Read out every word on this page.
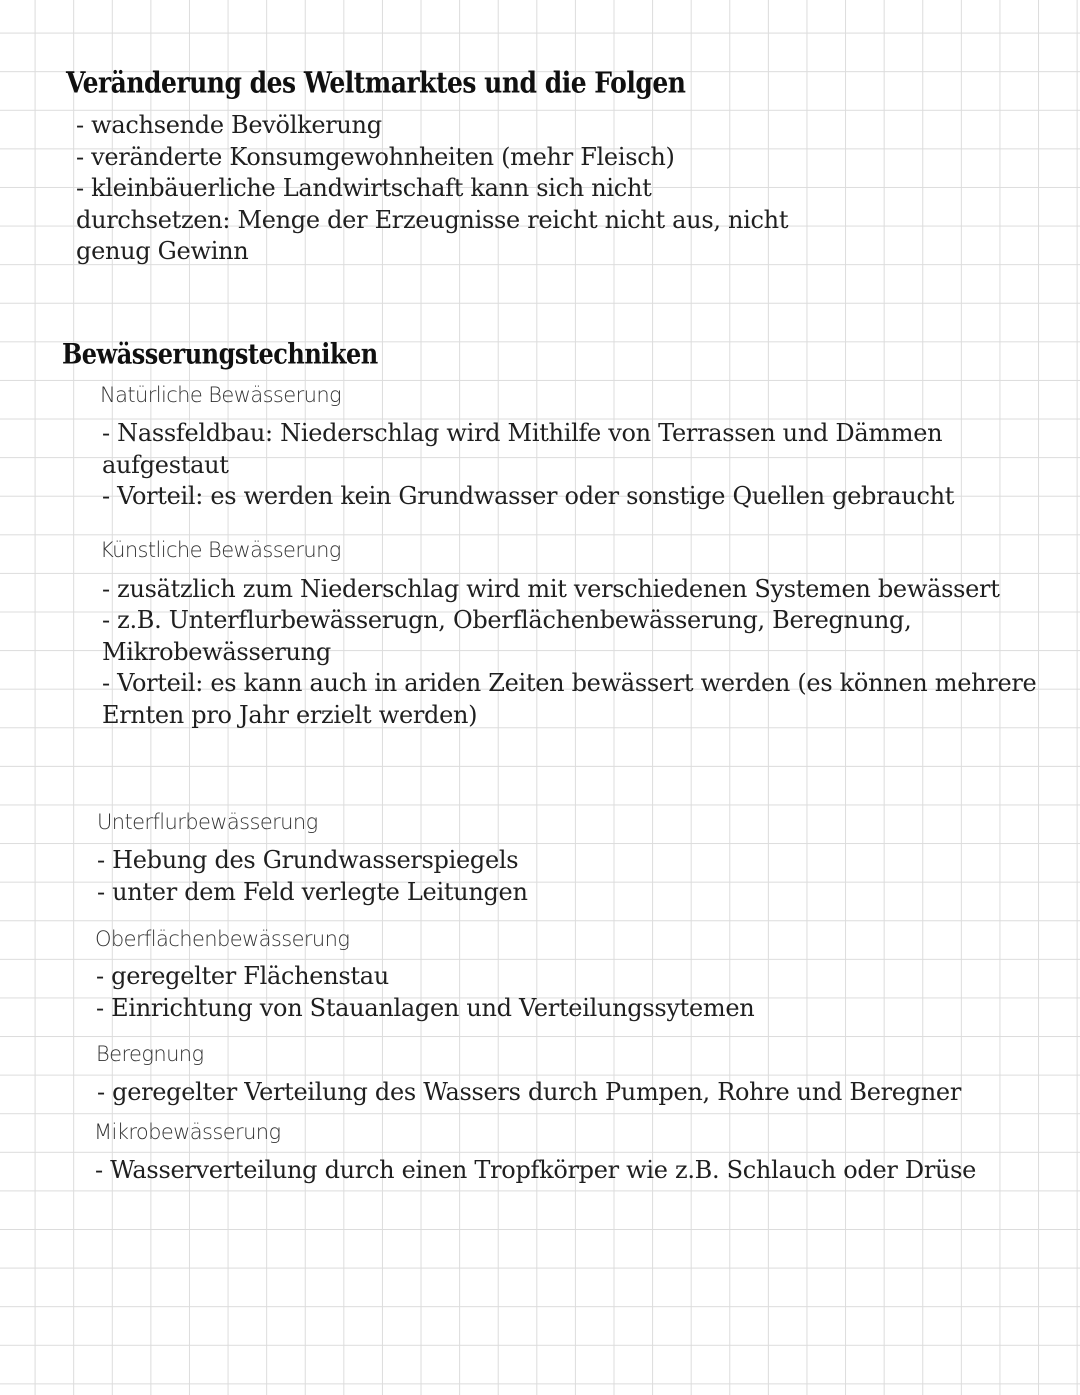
Veränderung des Weltmarktes und die Folgen
- wachsende Bevölkerung
- veränderte Konsumgewohnheiten (mehr Fleisch)
- kleinbäuerliche Landwirtschaft kann sich nicht
durchsetzen: Menge der Erzeugnisse reicht nicht aus, nicht
genug Gewinn
Bewässerungstechniken
Natürliche Bewässerung
- Nassfeldbau: Niederschlag wird Mithilfe von Terrassen und Dämmen
aufgestaut
- Vorteil: es werden kein Grundwasser oder sonstige Quellen gebraucht
Künstliche Bewässerung
- zusätzlich zum Niederschlag wird mit verschiedenen Systemen bewässert
- z.B. Unterflurbewässerugn, Oberflächenbewässerung, Beregnung,
Mikrobewässerung
- Vorteil: es kann auch in ariden Zeiten bewässert werden (es können mehrere
Ernten pro Jahr erzielt werden)
Unterflurbewässerung
- Hebung des Grundwasserspiegels
- unter dem Feld verlegte Leitungen
Oberflächenbewässerung
- geregelter Flächenstau
- Einrichtung von Stauanlagen und Verteilungssytemen
Beregnung
- geregelter Verteilung des Wassers durch Pumpen, Rohre und Beregner
Mikrobewässerung
- Wasserverteilung durch einen Tropfkörper wie z.B. Schlauch oder Drüse
